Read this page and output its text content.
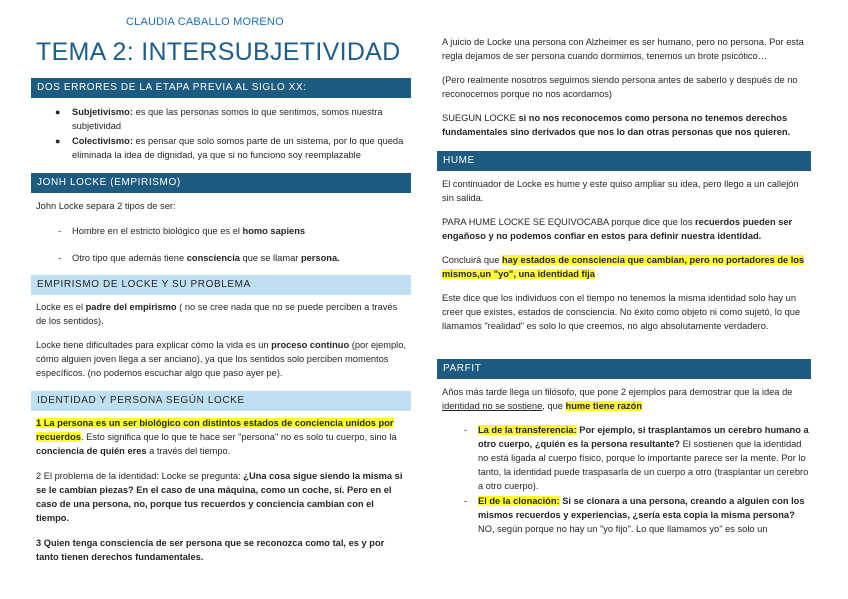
CLAUDIA CABALLO MORENO
TEMA 2: INTERSUBJETIVIDAD
DOS ERRORES DE LA ETAPA PREVIA AL SIGLO XX:
● Subjetivismo: es que las personas somos lo que sentimos, somos nuestra subjetividad
● Colectivismo: es pensar que solo somos parte de un sistema, por lo que queda eliminada la idea de dignidad, ya que si no funciono soy reemplazable
JONH LOCKE (EMPIRISMO)
John Locke separa 2 tipos de ser:
- Hombre en el estricto biológico que es el homo sapiens
- Otro tipo que además tiene consciencia que se llamar persona.
EMPIRISMO DE LOCKE Y SU PROBLEMA
Locke es el padre del empirismo ( no se cree nada que no se puede perciben a través de los sentidos).
Locke tiene dificultades para explicar cómo la vida es un proceso continuo (por ejemplo, cómo alguien joven llega a ser anciano), ya que los sentidos solo perciben momentos específicos. (no podemos escuchar algo que paso ayer pe).
IDENTIDAD Y PERSONA SEGÚN LOCKE
1 La persona es un ser biológico con distintos estados de conciencia unidos por recuerdos. Esto significa que lo que te hace ser "persona" no es solo tu cuerpo, sino la conciencia de quién eres a través del tiempo.
2 El problema de la identidad: Locke se pregunta: ¿Una cosa sigue siendo la misma si se le cambian piezas? En el caso de una máquina, como un coche, sí. Pero en el caso de una persona, no, porque tus recuerdos y conciencia cambian con el tiempo.
3 Quien tenga consciencia de ser persona que se reconozca como tal, es y por tanto tienen derechos fundamentales.
A juicio de Locke una persona con Alzheimer es ser humano, pero no persona. Por esta regla dejamos de ser persona cuando dormimos, tenemos un brote psicótico…
(Pero realmente nosotros seguimos siendo persona antes de saberlo y después de no reconocernos porque no nos acordamos)
SUEGUN LOCKE si no nos reconocemos como persona no tenemos derechos fundamentales sino derivados que nos lo dan otras personas que nos quieren.
HUME
El continuador de Locke es hume y este quiso ampliar su idea, pero llego a un callejón sin salida.
PARA HUME LOCKE SE EQUIVOCABA porque dice que los recuerdos pueden ser engañoso y no podemos confiar en estos para definir nuestra identidad.
Concluirá que hay estados de consciencia que cambian, pero no portadores de los mismos,un "yo", una identidad fija
Este dice que los individuos con el tiempo no tenemos la misma identidad solo hay un creer que existes, estados de consciencia. No éxito como objeto ni como sujetó, lo que llamamos "realidad" es solo lo que creemos, no algo absolutamente verdadero.
PARFIT
Años más tarde llega un filósofo, que pone 2 ejemplos para demostrar que la idea de identidad no se sostiene, que hume tiene razón
- La de la transferencia: Por ejemplo, si trasplantamos un cerebro humano a otro cuerpo, ¿quién es la persona resultante? El sostienen que la identidad no está ligada al cuerpo físico, porque lo importante parece ser la mente. Por lo tanto, la identidad puede traspasarla de un cuerpo a otro (trasplantar un cerebro a otro cuerpo).
- El de la clonación: Si se clonara a una persona, creando a alguien con los mismos recuerdos y experiencias, ¿sería esta copia la misma persona? NO, según porque no hay un "yo fijo". Lo que llamamos yo" es solo un
